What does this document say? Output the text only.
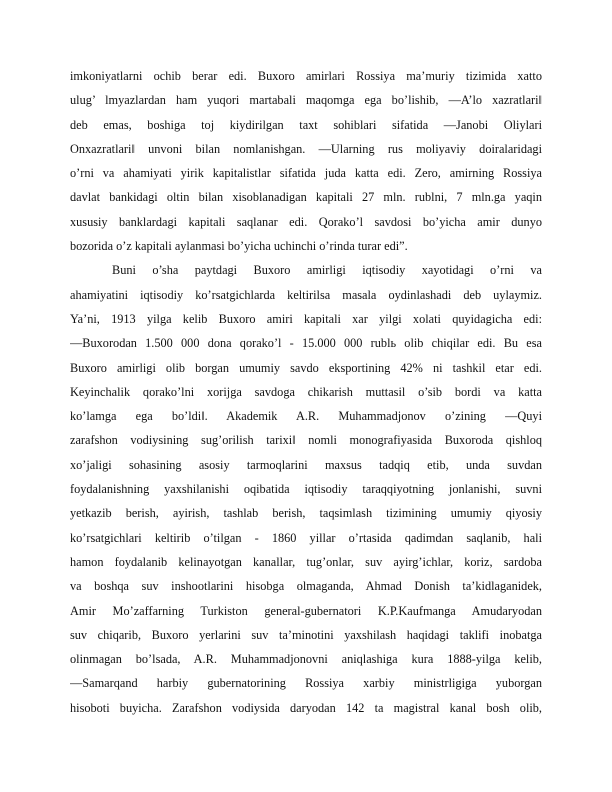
imkoniyatlarni ochib berar edi. Buxoro amirlari Rossiya ma’muriy tizimida xatto
ulug’ lmyazlardan ham yuqori martabali maqomga ega bo’lishib, ―A’lo xazratlari‖
deb emas, boshiga toj kiydirilgan taxt sohiblari sifatida ―Janobi Oliylari
Onxazratlari‖ unvoni bilan nomlanishgan. ―Ularning rus moliyaviy doiralaridagi
o’rni va ahamiyati yirik kapitalistlar sifatida juda katta edi. Zero, amirning Rossiya
davlat bankidagi oltin bilan xisoblanadigan kapitali 27 mln. rublni, 7 mln.ga yaqin
xususiy banklardagi kapitali saqlanar edi. Qorako’l savdosi bo’yicha amir dunyo
bozorida o’z kapitali aylanmasi bo’yicha uchinchi o’rinda turar edi”.
Buni o’sha paytdagi Buxoro amirligi iqtisodiy xayotidagi o’rni va
ahamiyatini iqtisodiy ko’rsatgichlarda keltirilsa masala oydinlashadi deb uylaymiz.
Ya’ni, 1913 yilga kelib Buxoro amiri kapitali xar yilgi xolati quyidagicha edi:
―Buxorodan 1.500 000 dona qorako’l - 15.000 000 rublь olib chiqilar edi. Bu esa
Buxoro amirligi olib borgan umumiy savdo eksportining 42% ni tashkil etar edi.
Keyinchalik qorako’lni xorijga savdoga chikarish muttasil o’sib bordi va katta
ko’lamga ega bo’ldi‖. Akademik A.R. Muhammadjonov o’zining ―Quyi
zarafshon vodiysining sug’orilish tarixi‖ nomli monografiyasida Buxoroda qishloq
xo’jaligi sohasining asosiy tarmoqlarini maxsus tadqiq etib, unda suvdan
foydalanishning yaxshilanishi oqibatida iqtisodiy taraqqiyotning jonlanishi, suvni
yetkazib berish, ayirish, tashlab berish, taqsimlash tizimining umumiy qiyosiy
ko’rsatgichlari keltirib o’tilgan - 1860 yillar o’rtasida qadimdan saqlanib, hali
hamon foydalanib kelinayotgan kanallar, tug’onlar, suv ayirg’ichlar, koriz, sardoba
va boshqa suv inshootlarini hisobga olmaganda, Ahmad Donish ta’kidlaganidek,
Amir Mo’zaffarning Turkiston general-gubernatori K.P.Kaufmanga Amudaryodan
suv chiqarib, Buxoro yerlarini suv ta’minotini yaxshilash haqidagi taklifi inobatga
olinmagan bo’lsada, A.R. Muhammadjonovni aniqlashiga kura 1888-yilga kelib,
―Samarqand harbiy gubernatorining Rossiya xarbiy ministrligiga yuborgan
hisoboti buyicha. Zarafshon vodiysida daryodan 142 ta magistral kanal bosh olib,
